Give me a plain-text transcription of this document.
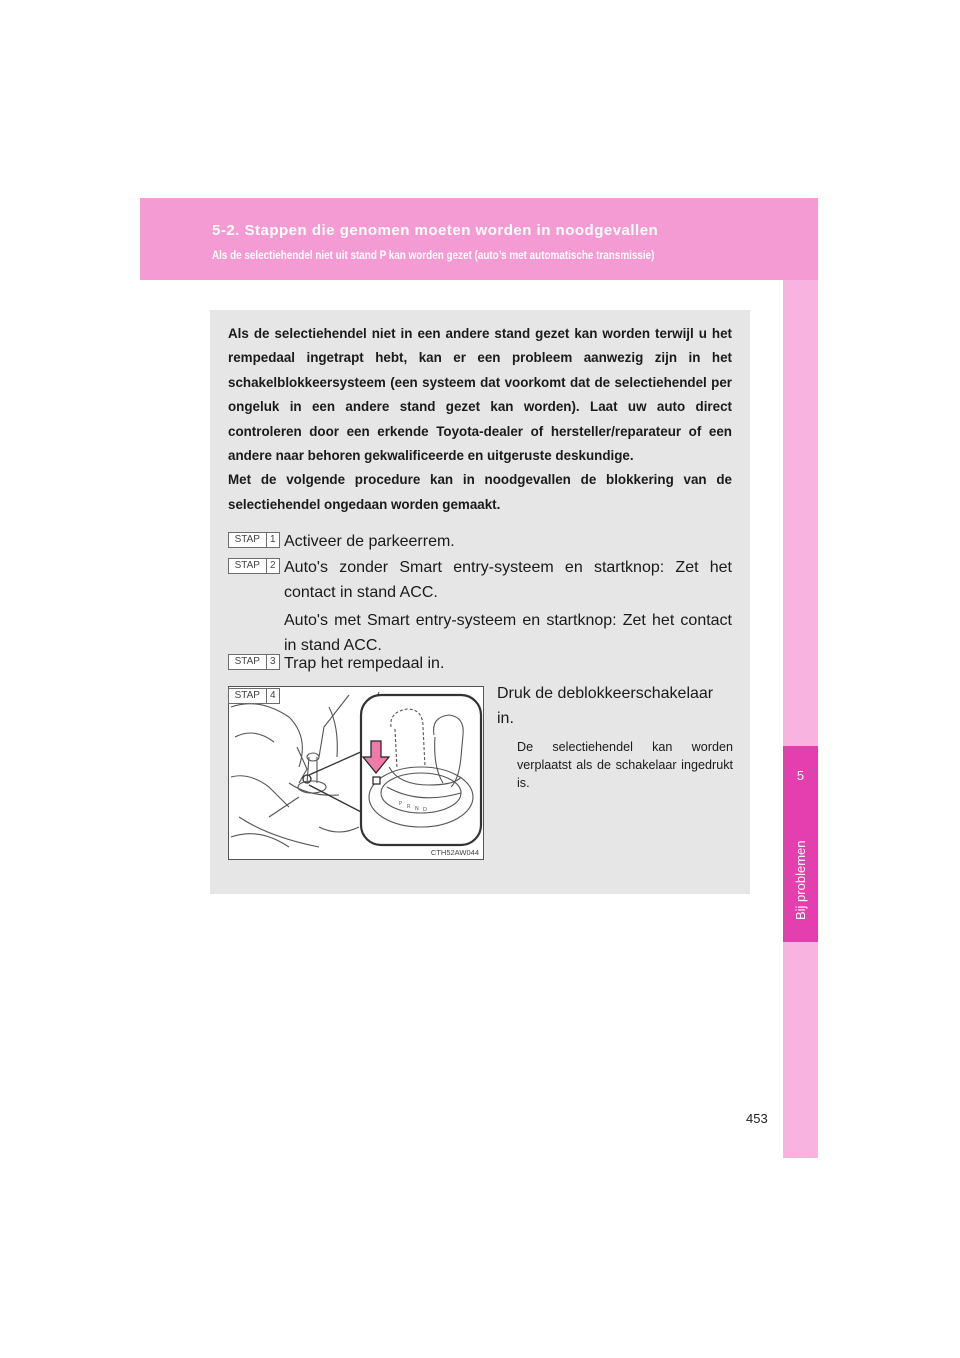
5-2. Stappen die genomen moeten worden in noodgevallen
Als de selectiehendel niet uit stand P kan worden gezet (auto’s met automatische transmissie)
5
Bij problemen

Als de selectiehendel niet in een andere stand gezet kan worden terwijl u het rempedaal ingetrapt hebt, kan er een probleem aanwezig zijn in het schakelblokkeersysteem (een systeem dat voorkomt dat de selectiehendel per ongeluk in een andere stand gezet kan worden). Laat uw auto direct controleren door een erkende Toyota-dealer of hersteller/reparateur of een andere naar behoren gekwalificeerde en uitgeruste deskundige.

Met de volgende procedure kan in noodgevallen de blokkering van de selectiehendel ongedaan worden gemaakt.

STAP	1 Activeer de parkeerrem.

STAP	2 Auto's zonder Smart entry-systeem en startknop: Zet het contact in stand ACC.

Auto's met Smart entry-systeem en startknop: Zet het contact in stand ACC.

STAP	3 Trap het rempedaal in.

P R N D
CTH52AW044
STAP	4	Druk de deblokkeerschakelaar in.
De selectiehendel kan worden verplaatst als de schakelaar ingedrukt is.
453
